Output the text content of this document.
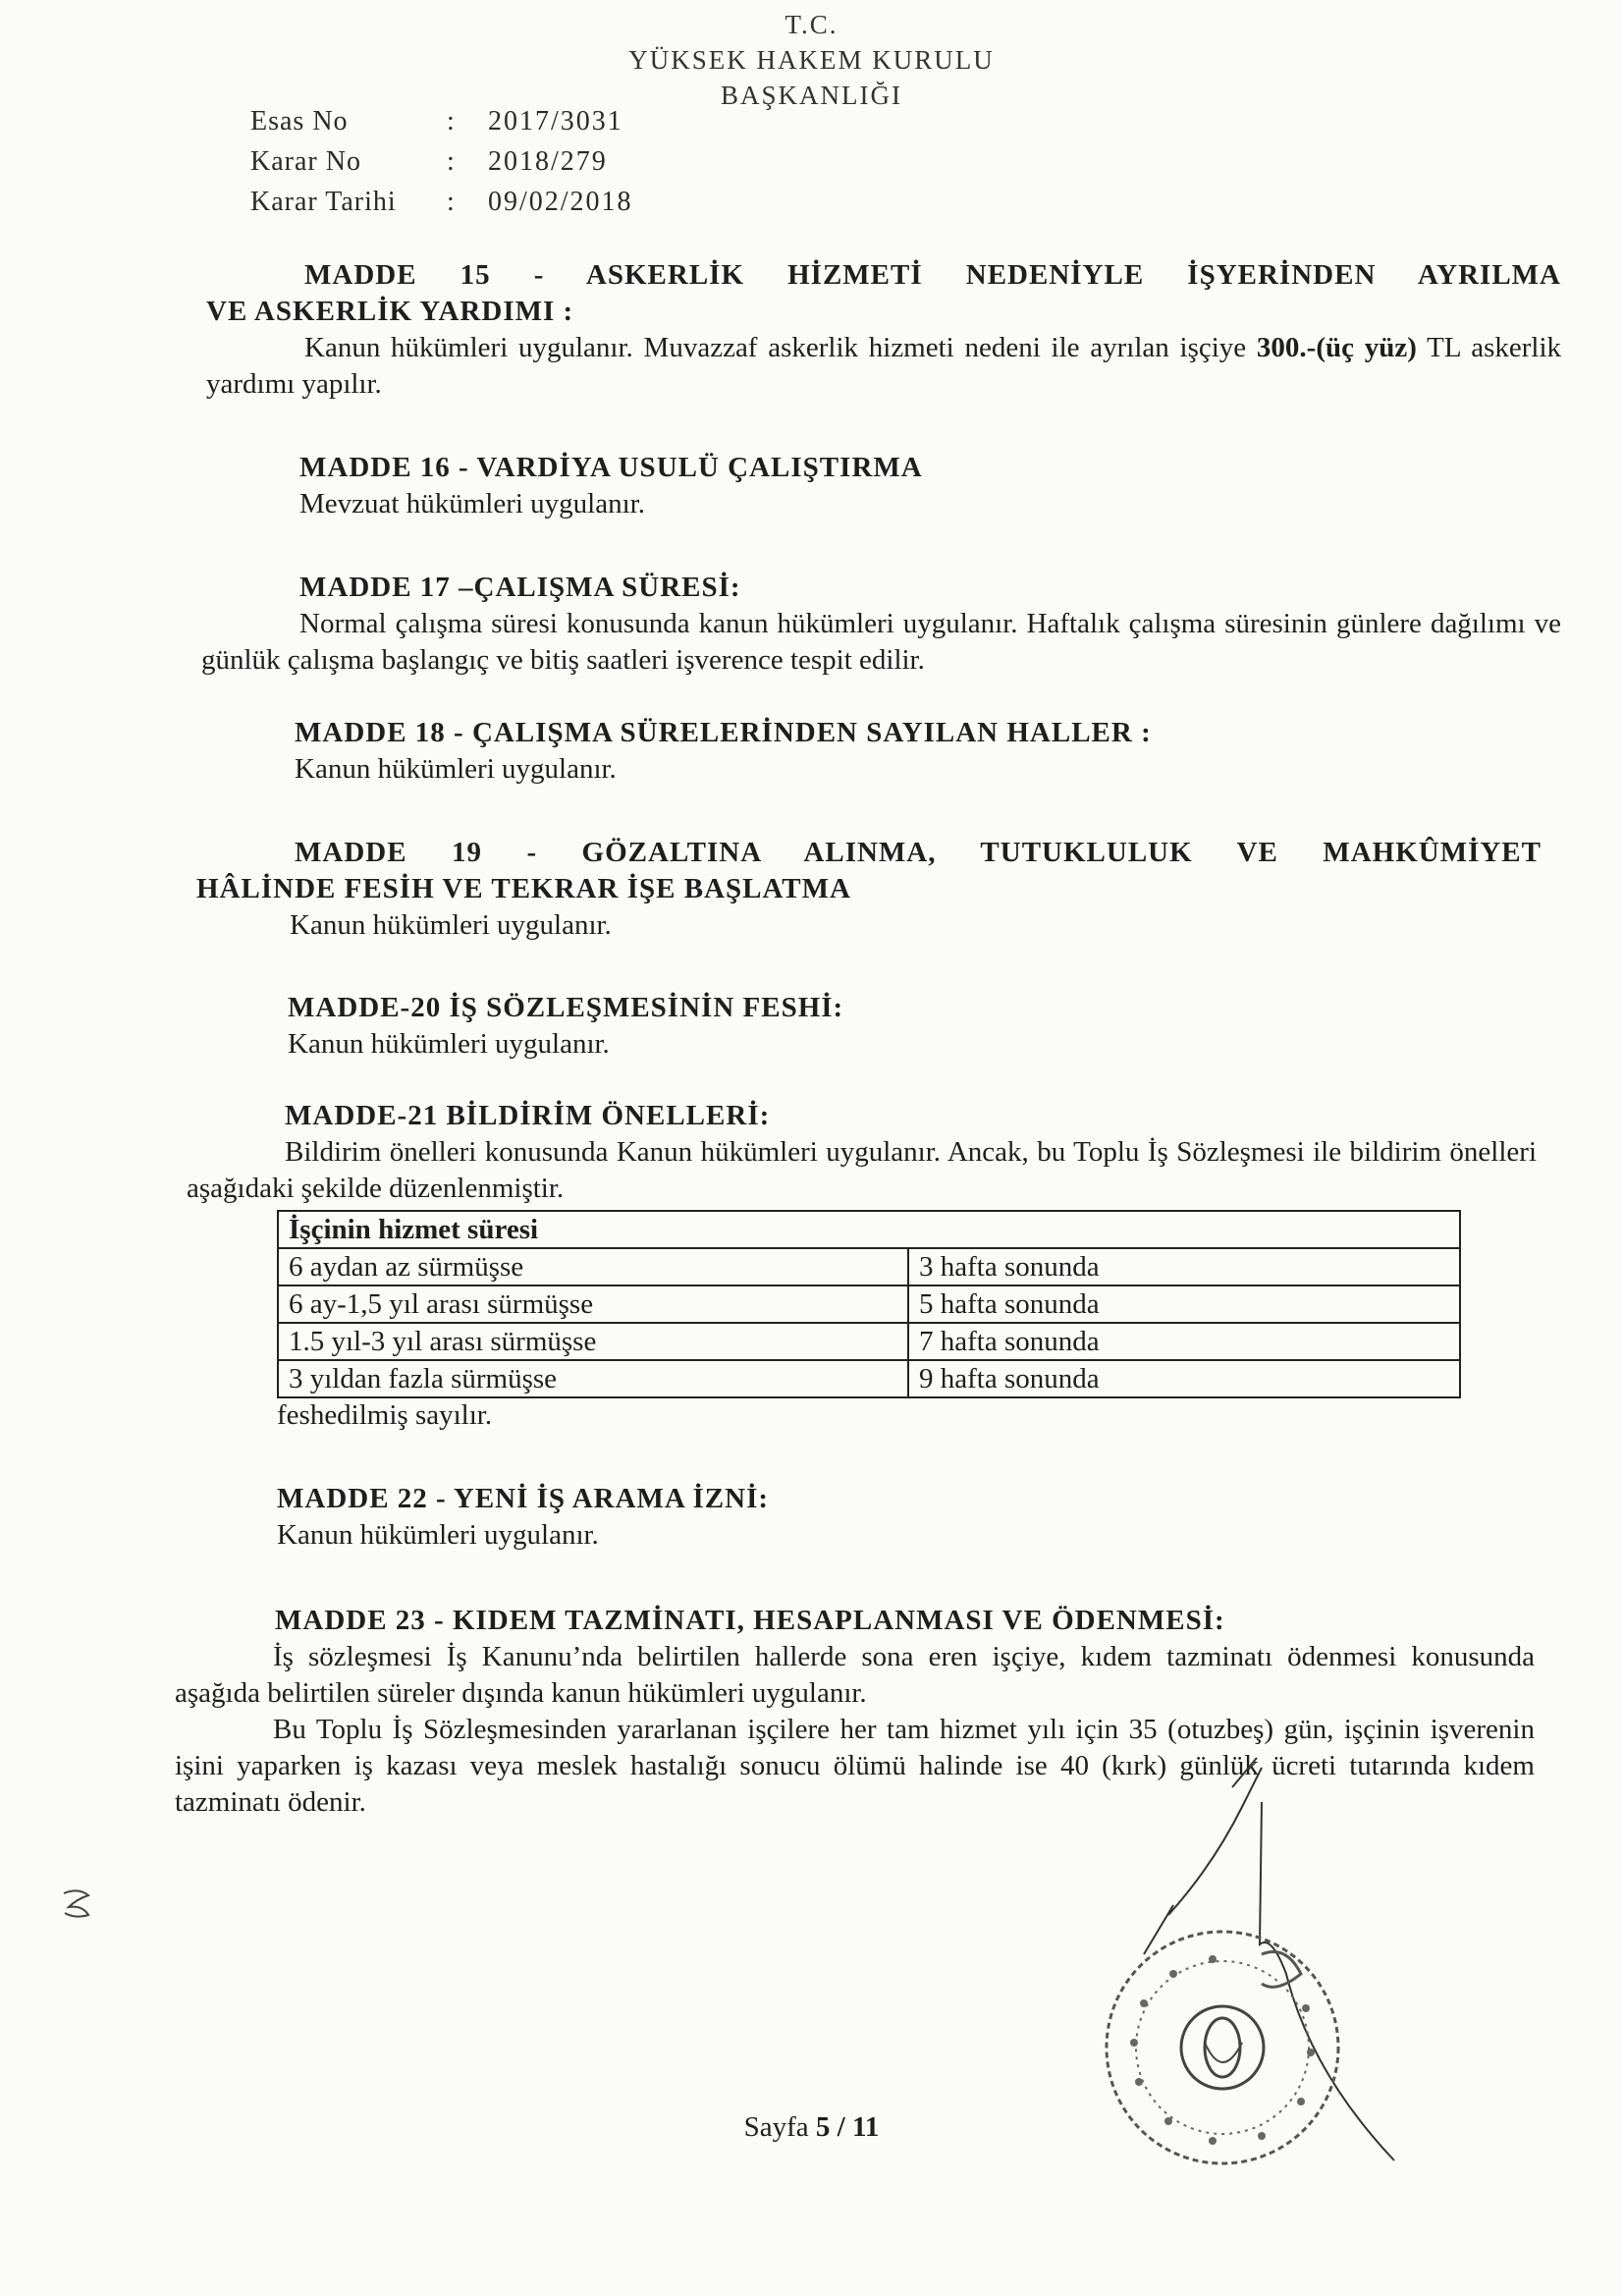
T.C.
YÜKSEK HAKEM KURULU
BAŞKANLIĞI
Esas No	:	2017/3031
Karar No	:	2018/279
Karar Tarihi	:	09/02/2018
MADDE 15 - ASKERLİK HİZMETİ NEDENİYLE İŞYERİNDEN AYRILMA
VE ASKERLİK YARDIMI :
Kanun hükümleri uygulanır. Muvazzaf askerlik hizmeti nedeni ile ayrılan işçiye 300.-(üç yüz) TL askerlik yardımı yapılır.
MADDE 16 - VARDİYA USULÜ ÇALIŞTIRMA
Mevzuat hükümleri uygulanır.
MADDE 17 –ÇALIŞMA SÜRESİ:
Normal çalışma süresi konusunda kanun hükümleri uygulanır. Haftalık çalışma süresinin günlere dağılımı ve günlük çalışma başlangıç ve bitiş saatleri işverence tespit edilir.
MADDE 18 - ÇALIŞMA SÜRELERİNDEN SAYILAN HALLER :
Kanun hükümleri uygulanır.
MADDE 19 - GÖZALTINA ALINMA, TUTUKLULUK VE MAHKÛMİYET
HÂLİNDE FESİH VE TEKRAR İŞE BAŞLATMA
Kanun hükümleri uygulanır.
MADDE-20 İŞ SÖZLEŞMESİNİN FESHİ:
Kanun hükümleri uygulanır.
MADDE-21 BİLDİRİM ÖNELLERİ:
Bildirim önelleri konusunda Kanun hükümleri uygulanır. Ancak, bu Toplu İş Sözleşmesi ile bildirim önelleri aşağıdaki şekilde düzenlenmiştir.
İşçinin hizmet süresi	
6 aydan az sürmüşse	3 hafta sonunda
6 ay-1,5 yıl arası sürmüşse	5 hafta sonunda
1.5 yıl-3 yıl arası sürmüşse	7 hafta sonunda
3 yıldan fazla sürmüşse	9 hafta sonunda
feshedilmiş sayılır.
MADDE 22 - YENİ İŞ ARAMA İZNİ:
Kanun hükümleri uygulanır.
MADDE 23 - KIDEM TAZMİNATI, HESAPLANMASI VE ÖDENMESİ:
İş sözleşmesi İş Kanunu’nda belirtilen hallerde sona eren işçiye, kıdem tazminatı ödenmesi konusunda aşağıda belirtilen süreler dışında kanun hükümleri uygulanır.
Bu Toplu İş Sözleşmesinden yararlanan işçilere her tam hizmet yılı için 35 (otuzbeş) gün, işçinin işverenin işini yaparken iş kazası veya meslek hastalığı sonucu ölümü halinde ise 40 (kırk) günlük ücreti tutarında kıdem tazminatı ödenir.
Sayfa 5 / 11
